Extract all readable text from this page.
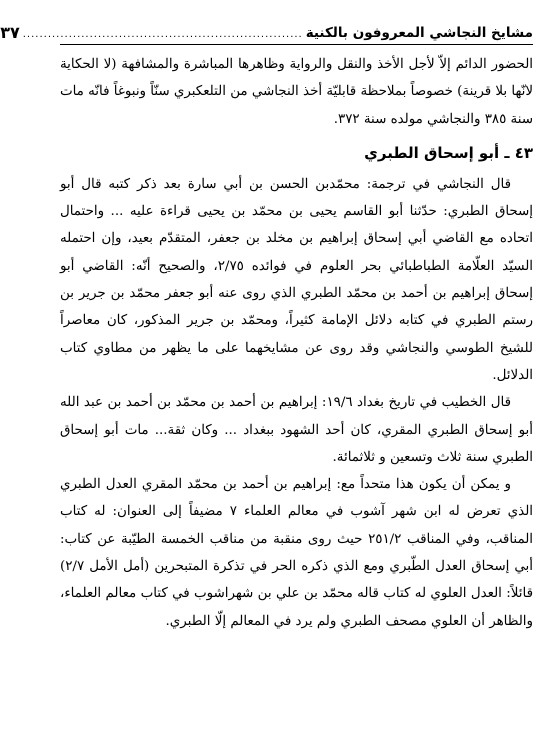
مشايخ النجاشي المعروفون بالكنية
...................................................................
٣٧

الحضور الدائم إلاّ لأجل الأخذ والنقل والرواية وظاهرها المباشرة والمشافهة (لا الحكاية لانّها بلا قرينة) خصوصاً بملاحظة قابليّة أخذ النجاشي من التلعكبري سنّاً ونبوغاً فانّه مات سنة ٣٨٥ والنجاشي مولده سنة ٣٧٢.

٤٣ ـ أبو إسحاق الطبري

قال النجاشي في ترجمة: محمّدبن الحسن بن أبي سارة بعد ذكر كتبه قال أبو إسحاق الطبري: حدّثنا أبو القاسم يحيى بن محمّد بن يحيى قراءة عليه ... واحتمال اتحاده مع القاضي أبي إسحاق إبراهيم بن مخلد بن جعفر، المتقدّم بعيد، وإن احتمله السيّد العلّامة الطباطبائي بحر العلوم في فوائده ٢/٧٥، والصحيح أنّه: القاضي أبو إسحاق إبراهيم بن أحمد بن محمّد الطبري الذي روى عنه أبو جعفر محمّد بن جرير بن رستم الطبري في كتابه دلائل الإمامة كثيراً، ومحمّد بن جرير المذكور، كان معاصراً للشيخ الطوسي والنجاشي وقد روى عن مشايخهما على ما يظهر من مطاوي كتاب الدلائل.

قال الخطيب في تاريخ بغداد ١٩/٦: إبراهيم بن أحمد بن محمّد بن أحمد بن عبد الله أبو إسحاق الطبري المقري، كان أحد الشهود ببغداد ... وكان ثقة... مات أبو إسحاق الطبري سنة ثلاث وتسعين و ثلاثمائة.

و يمكن أن يكون هذا متحداً مع: إبراهيم بن أحمد بن محمّد المقري العدل الطبري الذي تعرض له ابن شهر آشوب في معالم العلماء ٧ مضيفاً إلى العنوان: له كتاب المناقب، وفي المناقب ٢٥١/٢ حيث روى منقبة من مناقب الخمسة الطيّبة عن كتاب: أبي إسحاق العدل الطّبري ومع الذي ذكره الحر في تذكرة المتبحرين (أمل الأمل ٢/٧) قائلاً: العدل العلوي له كتاب قاله محمّد بن علي بن شهراشوب في كتاب معالم العلماء، والظاهر أن العلوي مصحف الطبري ولم يرد في المعالم إلّا الطبري.
